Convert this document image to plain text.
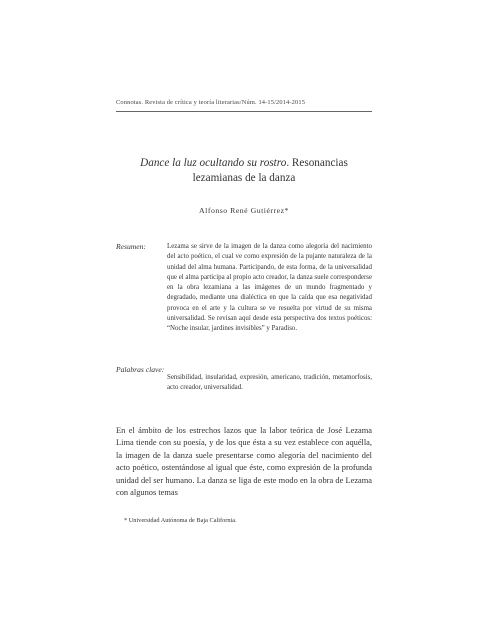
Connotas. Revista de crítica y teoría literarias/Núm. 14-15/2014-2015
Dance la luz ocultando su rostro. Resonancias lezamianas de la danza
Alfonso René Gutiérrez*
Resumen:	Lezama se sirve de la imagen de la danza como alegoría del nacimiento del acto poético, el cual ve como expresión de la pujante naturaleza de la unidad del alma humana. Participando, de esta forma, de la universalidad que el alma participa al propio acto creador, la danza suele corresponderse en la obra lezamiana a las imágenes de un mundo fragmentado y degradado, mediante una dialéctica en que la caída que esa negatividad provoca en el arte y la cultura se ve resuelta por virtud de su misma universalidad. Se revisan aquí desde esta perspectiva dos textos poéticos: “Noche insular, jardines invisibles” y Paradiso.
Palabras clave:
Sensibilidad, insularidad, expresión, americano, tradición, metamorfosis, acto creador, universalidad.
En el ámbito de los estrechos lazos que la labor teórica de José Lezama Lima tiende con su poesía, y de los que ésta a su vez establece con aquélla, la imagen de la danza suele presentarse como alegoría del nacimiento del acto poético, ostentándose al igual que éste, como expresión de la profunda unidad del ser humano. La danza se liga de este modo en la obra de Lezama con algunos temas
* Universidad Autónoma de Baja California.
